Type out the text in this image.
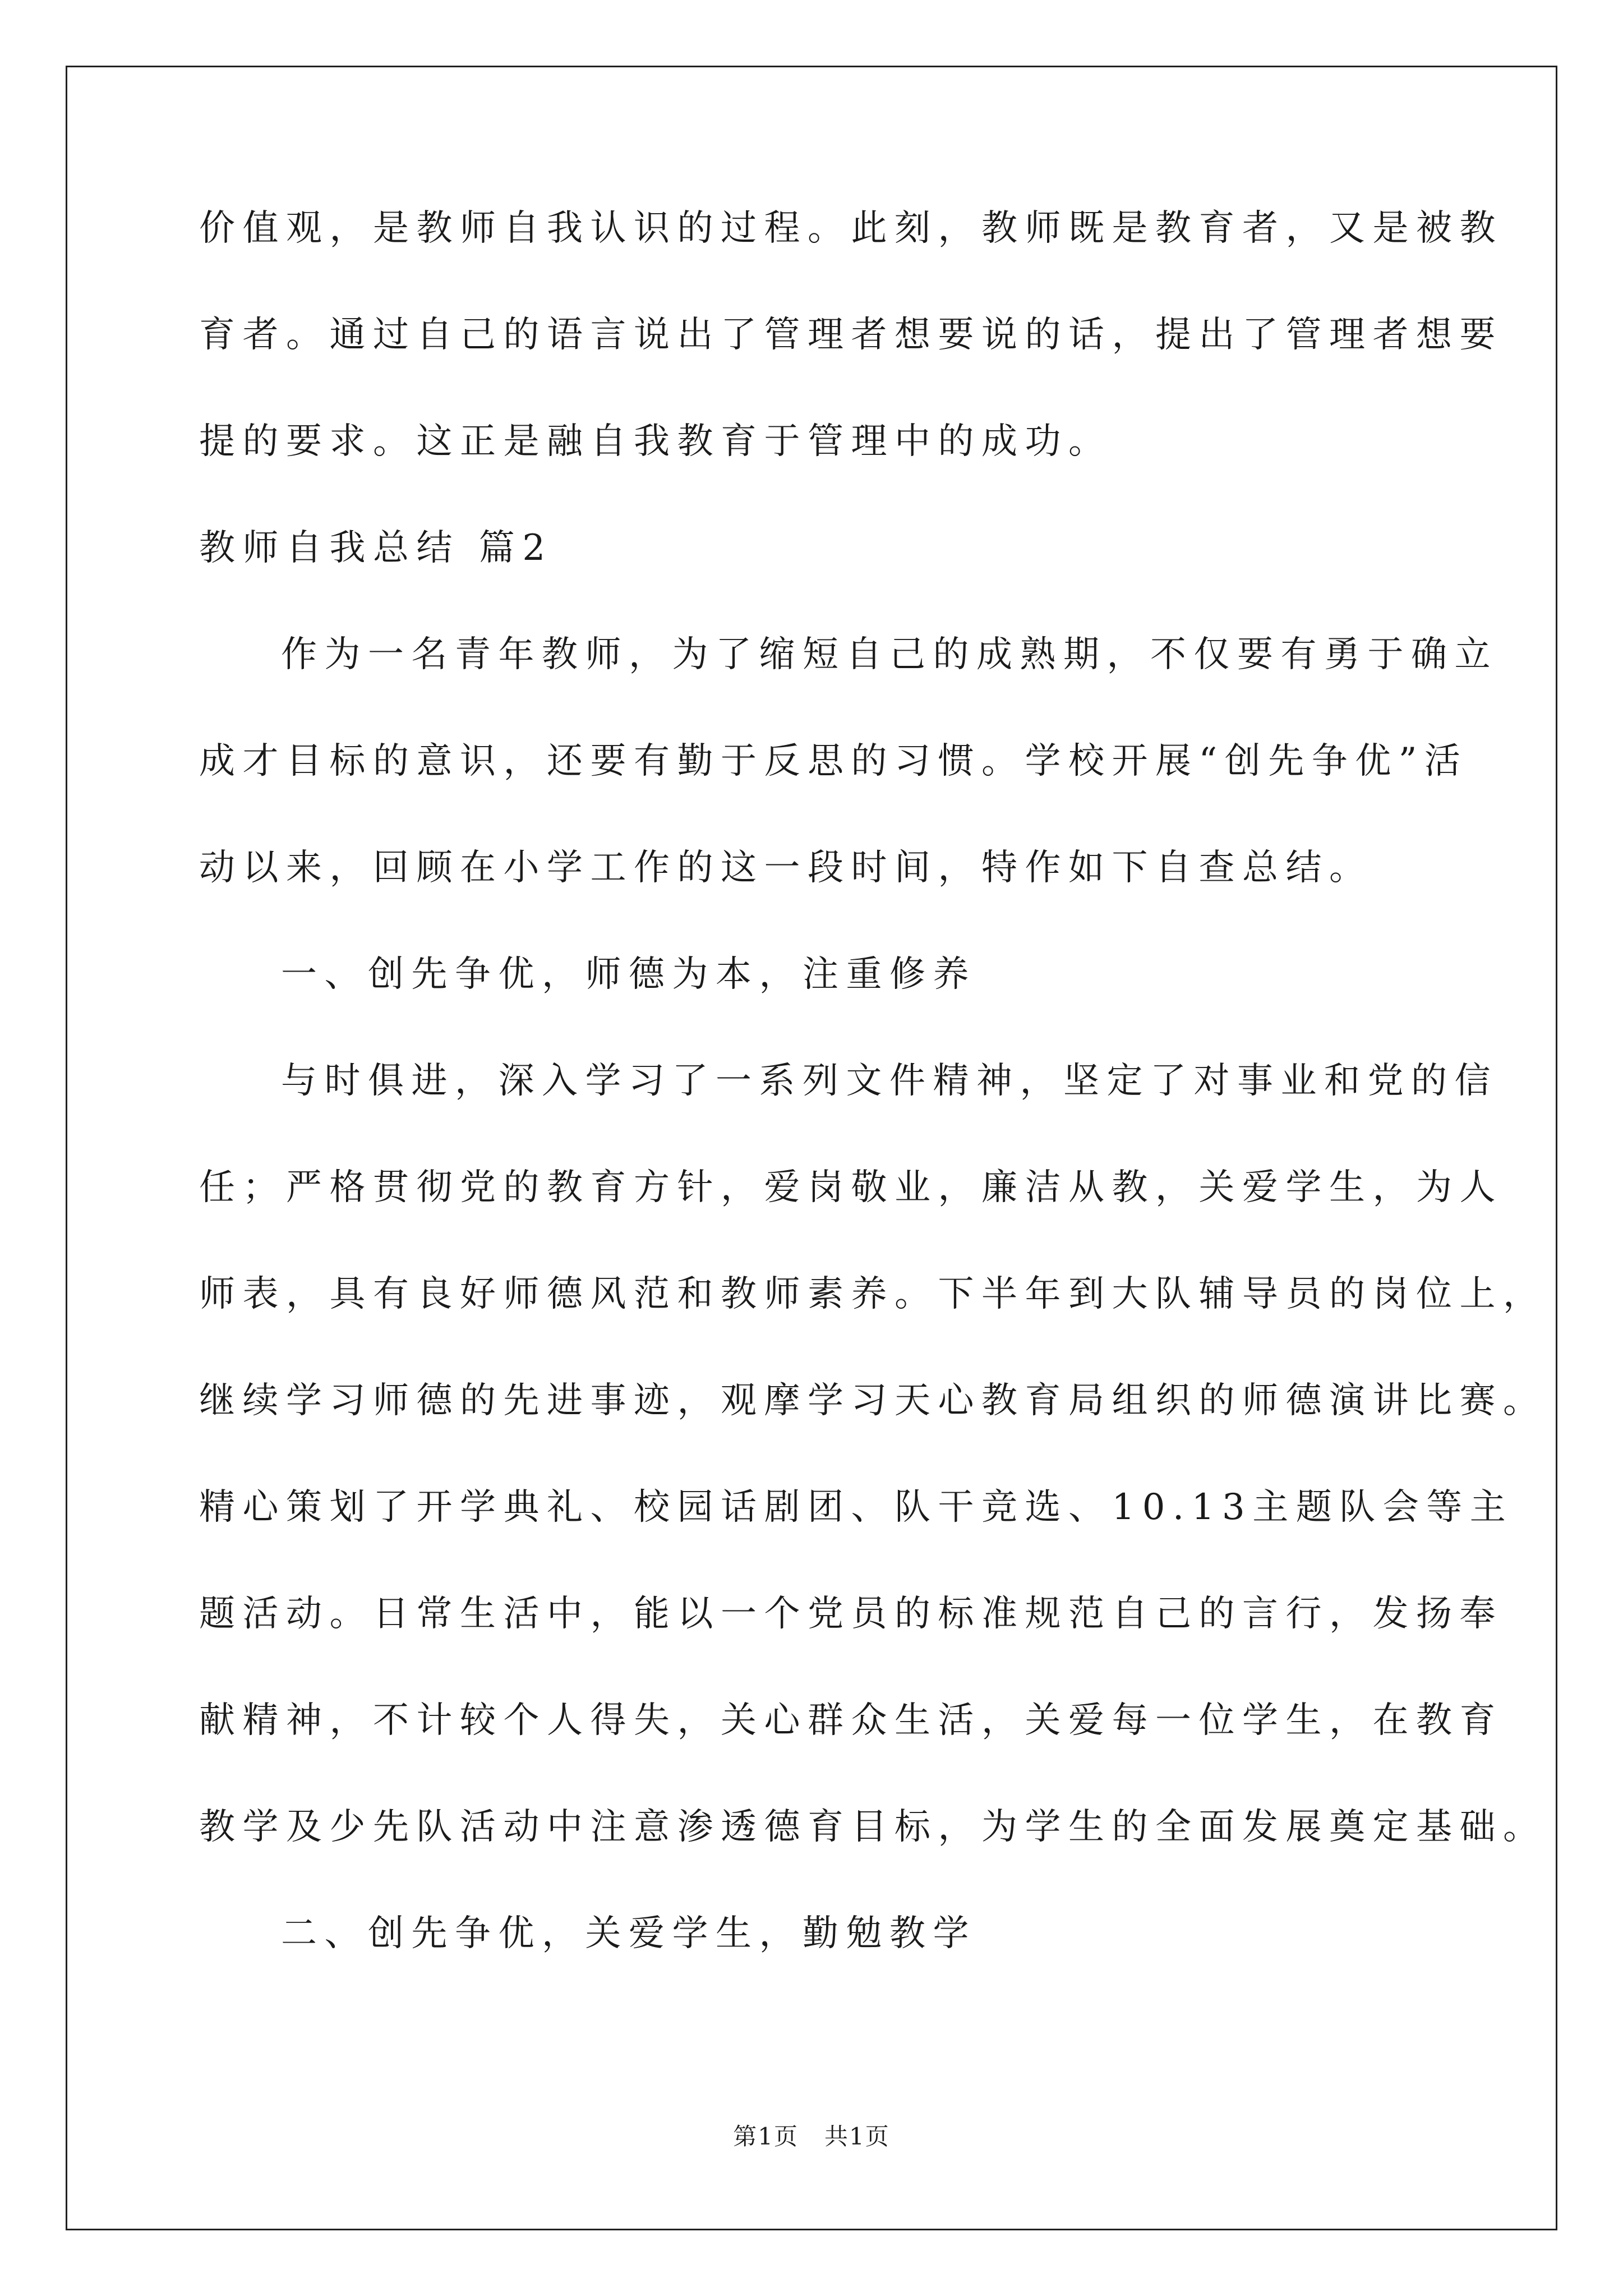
价值观，是教师自我认识的过程。此刻，教师既是教育者，又是被教
育者。通过自己的语言说出了管理者想要说的话，提出了管理者想要
提的要求。这正是融自我教育于管理中的成功。
教师自我总结 篇2
作为一名青年教师，为了缩短自己的成熟期，不仅要有勇于确立
成才目标的意识，还要有勤于反思的习惯。学校开展“创先争优”活
动以来，回顾在小学工作的这一段时间，特作如下自查总结。
一、创先争优，师德为本，注重修养
与时俱进，深入学习了一系列文件精神，坚定了对事业和党的信
任；严格贯彻党的教育方针，爱岗敬业，廉洁从教，关爱学生，为人
师表，具有良好师德风范和教师素养。下半年到大队辅导员的岗位上，
继续学习师德的先进事迹，观摩学习天心教育局组织的师德演讲比赛。
精心策划了开学典礼、校园话剧团、队干竞选、10.13主题队会等主
题活动。日常生活中，能以一个党员的标准规范自己的言行，发扬奉
献精神，不计较个人得失，关心群众生活，关爱每一位学生，在教育
教学及少先队活动中注意渗透德育目标，为学生的全面发展奠定基础。
二、创先争优，关爱学生，勤勉教学
第1页   共1页
